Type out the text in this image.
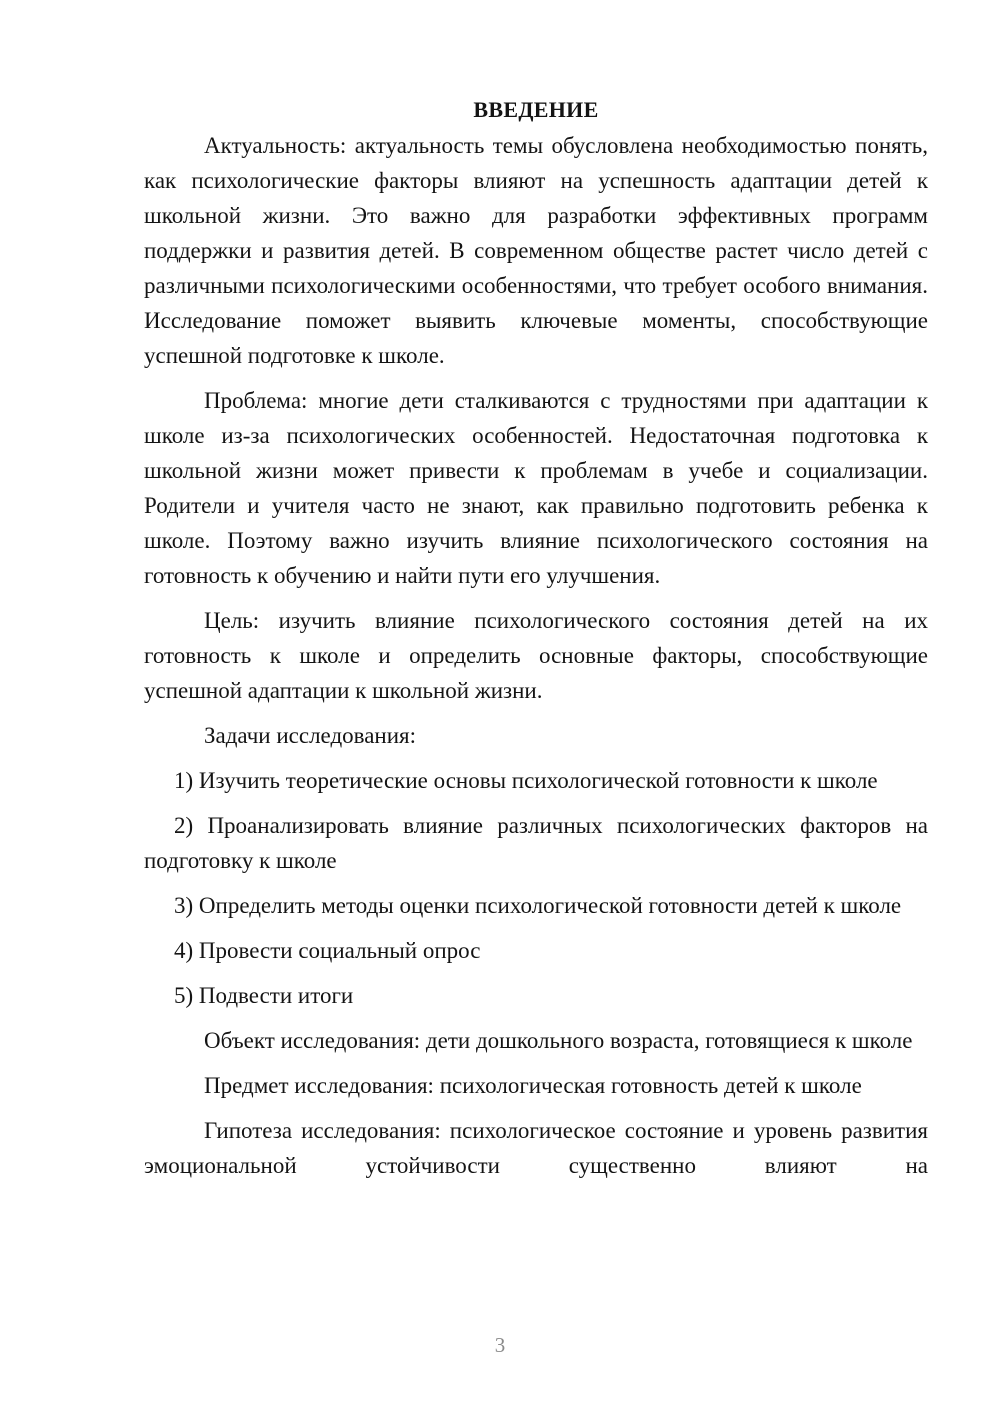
ВВЕДЕНИЕ

Актуальность: актуальность темы обусловлена необходимостью понять, как психологические факторы влияют на успешность адаптации детей к школьной жизни. Это важно для разработки эффективных программ поддержки и развития детей. В современном обществе растет число детей с различными психологическими особенностями, что требует особого внимания. Исследование поможет выявить ключевые моменты, способствующие успешной подготовке к школе.

Проблема: многие дети сталкиваются с трудностями при адаптации к школе из-за психологических особенностей. Недостаточная подготовка к школьной жизни может привести к проблемам в учебе и социализации. Родители и учителя часто не знают, как правильно подготовить ребенка к школе. Поэтому важно изучить влияние психологического состояния на готовность к обучению и найти пути его улучшения.

Цель: изучить влияние психологического состояния детей на их готовность к школе и определить основные факторы, способствующие успешной адаптации к школьной жизни.

Задачи исследования:

1) Изучить теоретические основы психологической готовности к школе

2) Проанализировать влияние различных психологических факторов на подготовку к школе

3) Определить методы оценки психологической готовности детей к школе

4) Провести социальный опрос

5) Подвести итоги

Объект исследования: дети дошкольного возраста, готовящиеся к школе

Предмет исследования: психологическая готовность детей к школе

Гипотеза исследования: психологическое состояние и уровень развития эмоциональной устойчивости существенно влияют на

3
